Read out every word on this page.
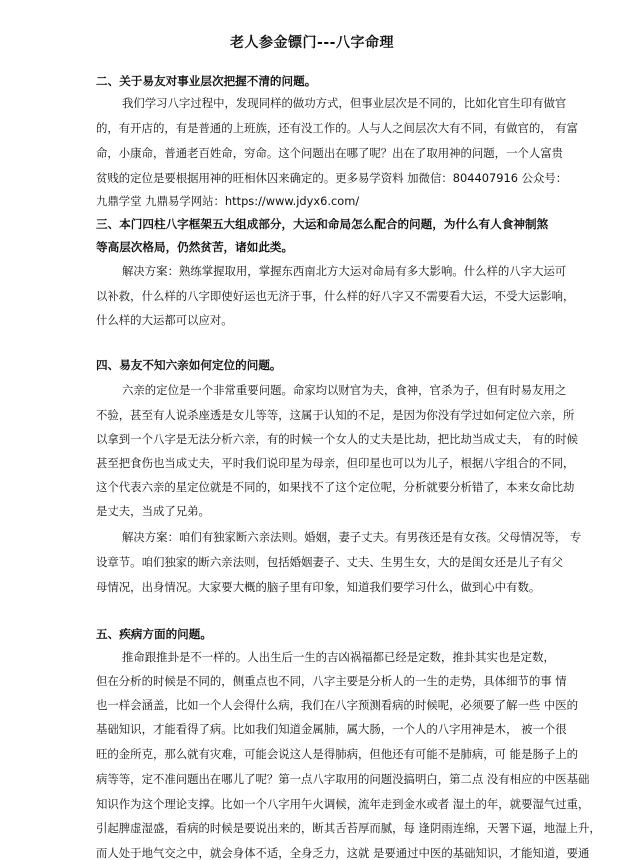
老人参金镖门---八字命理
二、关于易友对事业层次把握不清的问题。
我们学习八字过程中，发现同样的做功方式，但事业层次是不同的，比如化官生印有做官
的，有开店的，有是普通的上班族，还有没工作的。人与人之间层次大有不同，有做官的， 有富
命，小康命，普通老百姓命，穷命。这个问题出在哪了呢？出在了取用神的问题，一个人富贵
贫贱的定位是要根据用神的旺相休囚来确定的。更多易学资料 加微信：804407916 公众号：
九鼎学堂 九鼎易学网站：https://www.jdyx6.com/
三、本门四柱八字框架五大组成部分，大运和命局怎么配合的问题，为什么有人食神制煞
等高层次格局，仍然贫苦，诸如此类。
解决方案：熟练掌握取用，掌握东西南北方大运对命局有多大影响。什么样的八字大运可
以补救，什么样的八字即使好运也无济于事，什么样的好八字又不需要看大运，不受大运影响，
什么样的大运都可以应对。
四、易友不知六亲如何定位的问题。
六亲的定位是一个非常重要问题。命家均以财官为夫，食神，官杀为子，但有时易友用之
不验，甚至有人说杀座透是女儿等等，这属于认知的不足，是因为你没有学过如何定位六亲，所
以拿到一个八字是无法分析六亲，有的时候一个女人的丈夫是比劫，把比劫当成丈夫， 有的时候
甚至把食伤也当成丈夫，平时我们说印星为母亲，但印星也可以为儿子，根据八字组合的不同，
这个代表六亲的星定位就是不同的，如果找不了这个定位呢，分析就要分析错了，本来女命比劫
是丈夫，当成了兄弟。
解决方案：咱们有独家断六亲法则。婚姻，妻子丈夫。有男孩还是有女孩。父母情况等， 专
设章节。咱们独家的断六亲法则，包括婚姻妻子、丈夫、生男生女，大的是闺女还是儿子有父
母情况，出身情况。大家要大概的脑子里有印象，知道我们要学习什么，做到心中有数。
五、疾病方面的问题。
推命跟推卦是不一样的。人出生后一生的吉凶祸福都已经是定数，推卦其实也是定数，
但在分析的时候是不同的，侧重点也不同，八字主要是分析人的一生的走势，具体细节的事 情
也一样会涵盖，比如一个人会得什么病，我们在八字预测看病的时候呢，必须要了解一些 中医的
基础知识，才能看得了病。比如我们知道金属肺，属大肠，一个人的八字用神是木， 被一个很
旺的金所克，那么就有灾难，可能会说这人是得肺病，但他还有可能不是肺病，可 能是肠子上的
病等等，定不准问题出在哪儿了呢？第一点八字取用的问题没搞明白，第二点 没有相应的中医基础
知识作为这个理论支撑。比如一个八字用午火调候，流年走到金水或者 湿土的年，就要湿气过重，
引起脾虚湿盛，看病的时候是要说出来的，断其舌苔厚而腻，每 逢阴雨连绵，天署下逼，地湿上升，
而人处于地气交之中，就会身体不适，全身乏力，这就 是要通过中医的基础知识，才能知道，要通
